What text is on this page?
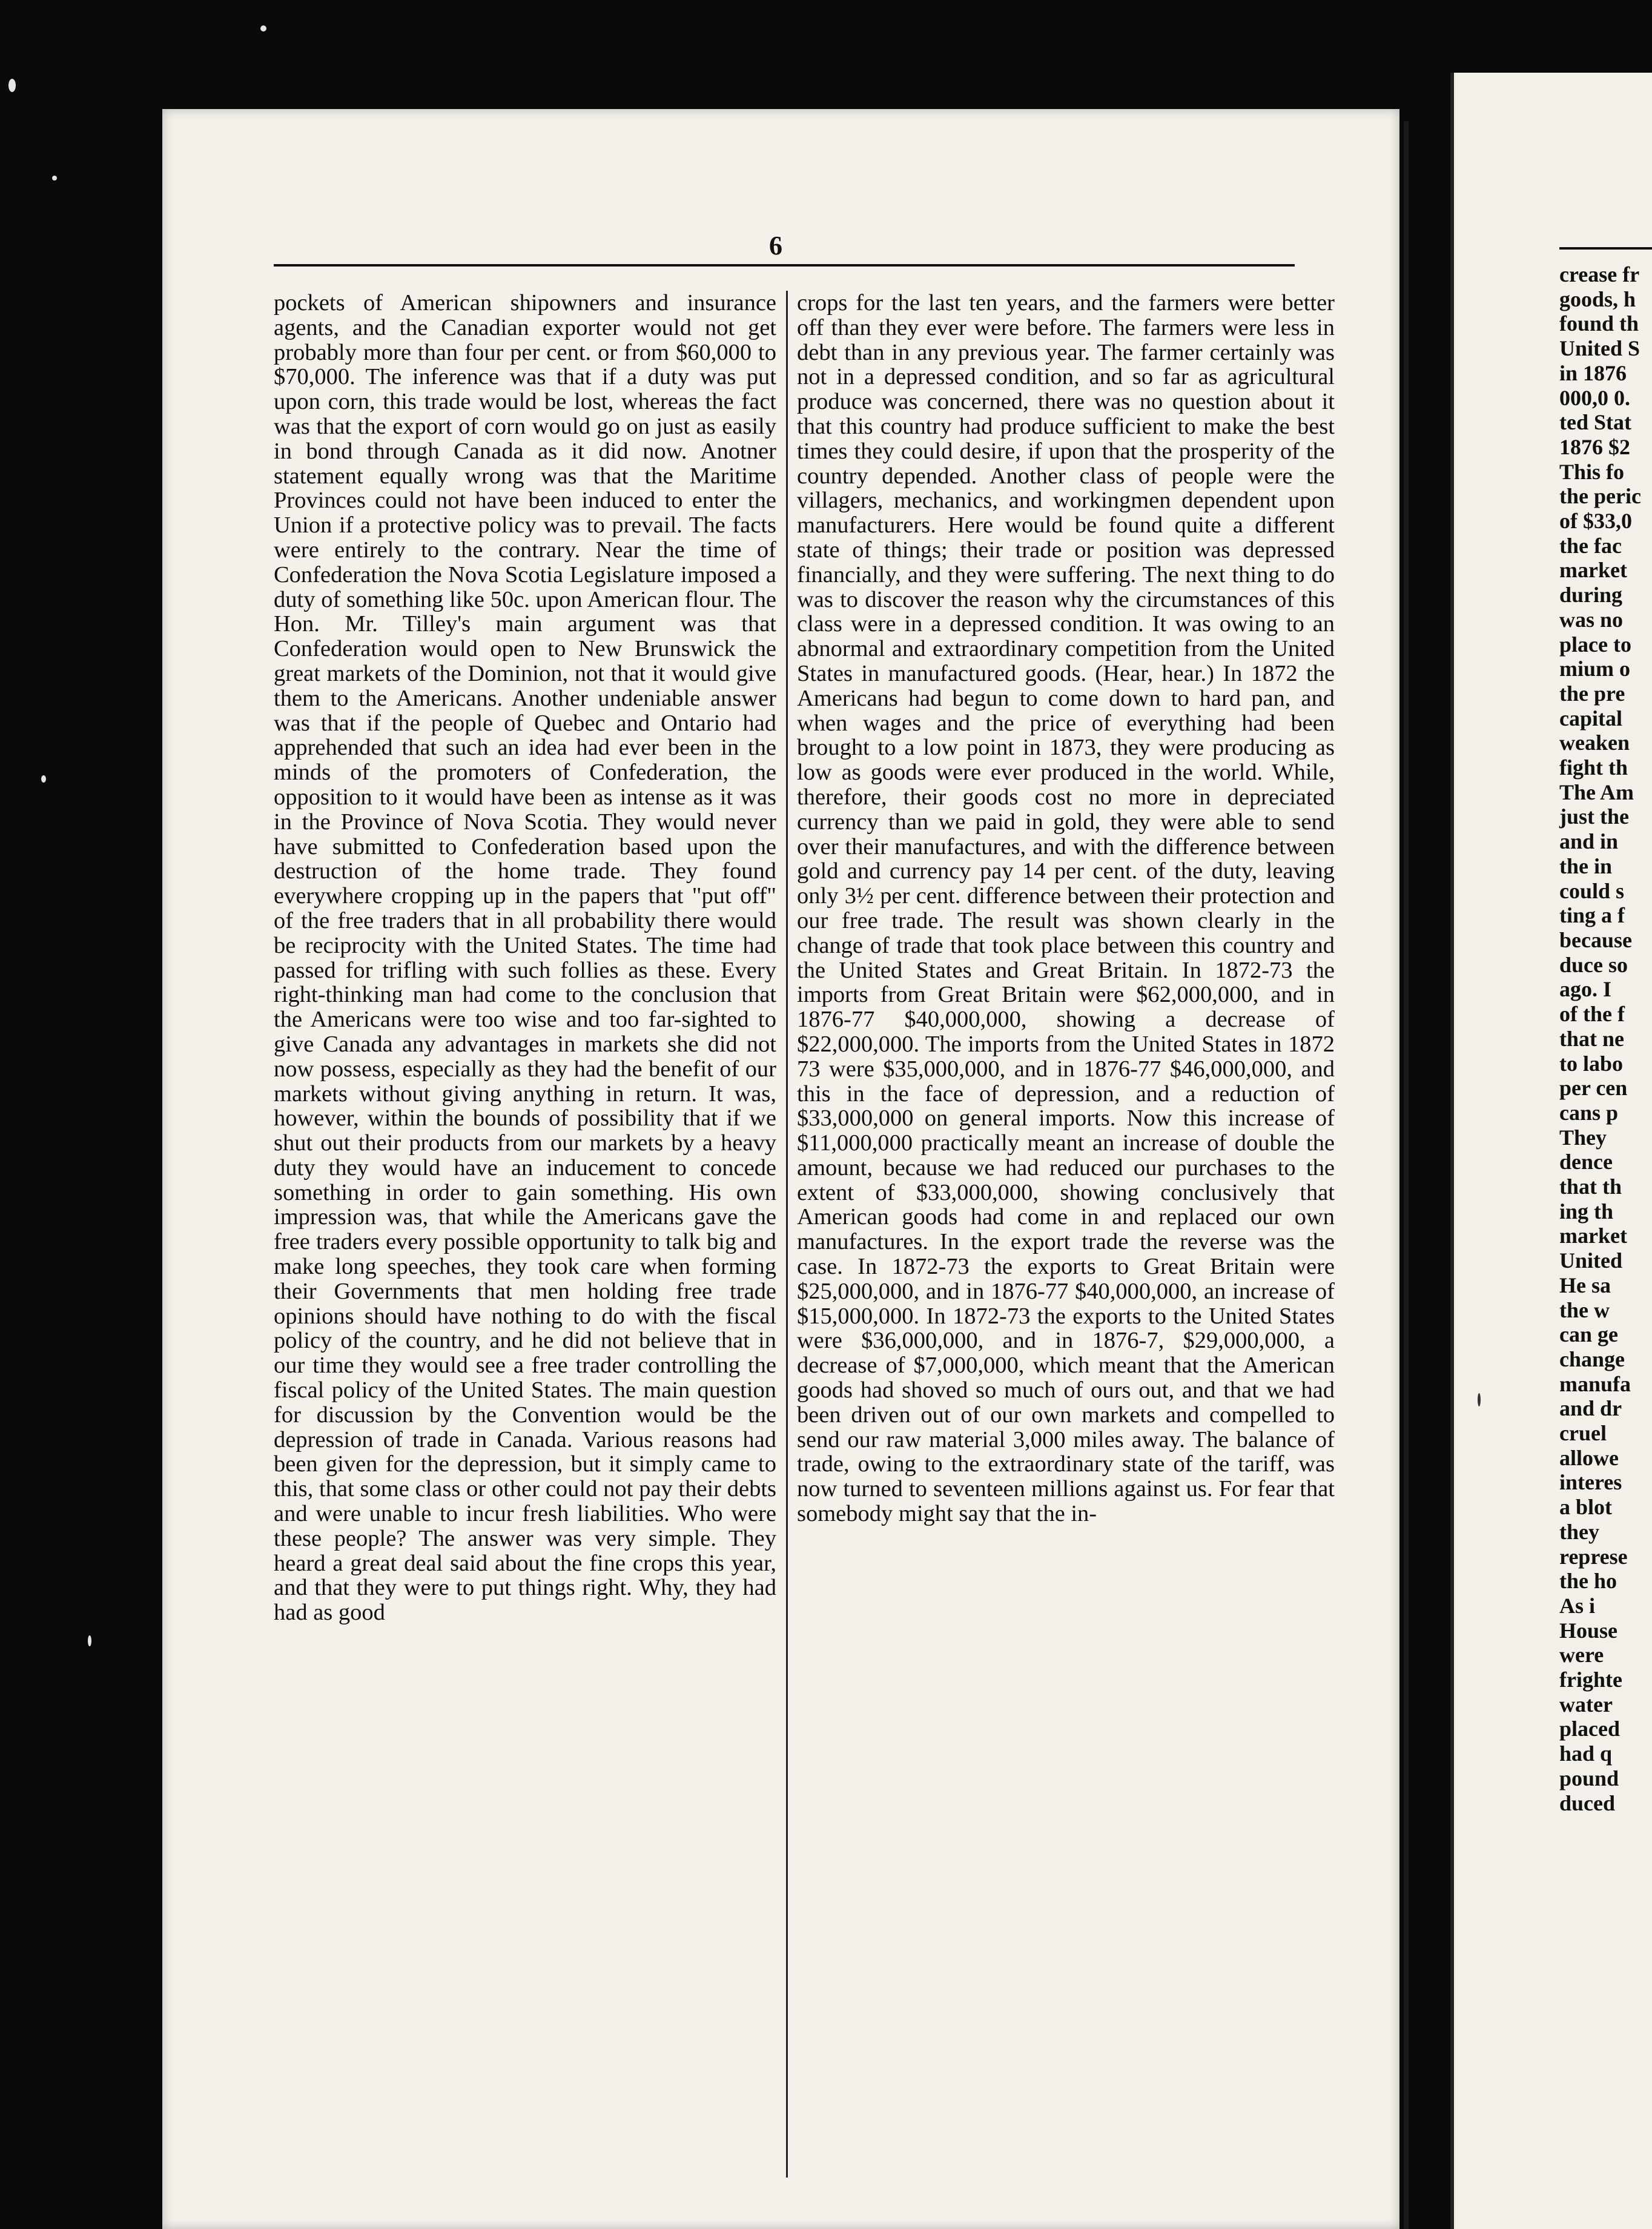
6
pockets of American shipowners and insurance agents, and the Canadian exporter would not get probably more than four per cent. or from $60,000 to $70,000. The inference was that if a duty was put upon corn, this trade would be lost, whereas the fact was that the export of corn would go on just as easily in bond through Canada as it did now. Anotner statement equally wrong was that the Maritime Provinces could not have been induced to enter the Union if a protective policy was to prevail. The facts were entirely to the contrary. Near the time of Confederation the Nova Scotia Legislature imposed a duty of something like 50c. upon American flour. The Hon. Mr. Tilley's main argument was that Confederation would open to New Brunswick the great markets of the Dominion, not that it would give them to the Americans. Another undeniable answer was that if the people of Quebec and Ontario had apprehended that such an idea had ever been in the minds of the promoters of Confederation, the opposition to it would have been as intense as it was in the Province of Nova Scotia. They would never have submitted to Confederation based upon the destruction of the home trade. They found everywhere cropping up in the papers that "put off" of the free traders that in all probability there would be reciprocity with the United States. The time had passed for trifling with such follies as these. Every right-thinking man had come to the conclusion that the Americans were too wise and too far-sighted to give Canada any advantages in markets she did not now possess, especially as they had the benefit of our markets without giving anything in return. It was, however, within the bounds of possibility that if we shut out their products from our markets by a heavy duty they would have an inducement to concede something in order to gain something. His own impression was, that while the Americans gave the free traders every possible opportunity to talk big and make long speeches, they took care when forming their Governments that men holding free trade opinions should have nothing to do with the fiscal policy of the country, and he did not believe that in our time they would see a free trader controlling the fiscal policy of the United States. The main question for discussion by the Convention would be the depression of trade in Canada. Various reasons had been given for the depression, but it simply came to this, that some class or other could not pay their debts and were unable to incur fresh liabilities. Who were these people? The answer was very simple. They heard a great deal said about the fine crops this year, and that they were to put things right. Why, they had had as good
crops for the last ten years, and the farmers were better off than they ever were before. The farmers were less in debt than in any previous year. The farmer certainly was not in a depressed condition, and so far as agricultural produce was concerned, there was no question about it that this country had produce sufficient to make the best times they could desire, if upon that the prosperity of the country depended. Another class of people were the villagers, mechanics, and workingmen dependent upon manufacturers. Here would be found quite a different state of things; their trade or position was depressed financially, and they were suffering. The next thing to do was to discover the reason why the circumstances of this class were in a depressed condition. It was owing to an abnormal and extraordinary competition from the United States in manufactured goods. (Hear, hear.) In 1872 the Americans had begun to come down to hard pan, and when wages and the price of everything had been brought to a low point in 1873, they were producing as low as goods were ever produced in the world. While, therefore, their goods cost no more in depreciated currency than we paid in gold, they were able to send over their manufactures, and with the difference between gold and currency pay 14 per cent. of the duty, leaving only 3½ per cent. difference between their protection and our free trade. The result was shown clearly in the change of trade that took place between this country and the United States and Great Britain. In 1872-73 the imports from Great Britain were $62,000,000, and in 1876-77 $40,000,000, showing a decrease of $22,000,000. The imports from the United States in 1872 73 were $35,000,000, and in 1876-77 $46,000,000, and this in the face of depression, and a reduction of $33,000,000 on general imports. Now this increase of $11,000,000 practically meant an increase of double the amount, because we had reduced our purchases to the extent of $33,000,000, showing conclusively that American goods had come in and replaced our own manufactures. In the export trade the reverse was the case. In 1872-73 the exports to Great Britain were $25,000,000, and in 1876-77 $40,000,000, an increase of $15,000,000. In 1872-73 the exports to the United States were $36,000,000, and in 1876-7, $29,000,000, a decrease of $7,000,000, which meant that the American goods had shoved so much of ours out, and that we had been driven out of our own markets and compelled to send our raw material 3,000 miles away. The balance of trade, owing to the extraordinary state of the tariff, was now turned to seventeen millions against us. For fear that somebody might say that the in-
crease fr
goods, h
found th
United S
in 1876
000,0 0.
ted Stat
1876 $2
This fo
the peric
of $33,0
the fac
market
during
was no
place to
mium o
the pre
capital
weaken
fight th
The Am
just the
and in
the in
could s
ting a f
because
duce so
ago. I
of the f
that ne
to labo
per cen
cans p
They
dence
that th
ing th
market
United
He sa
the w
can ge
change
manufa
and dr
cruel
allowe
interes
a blot
they
represe
the ho
As i
House
were
frighte
water
placed
had q
pound
duced
